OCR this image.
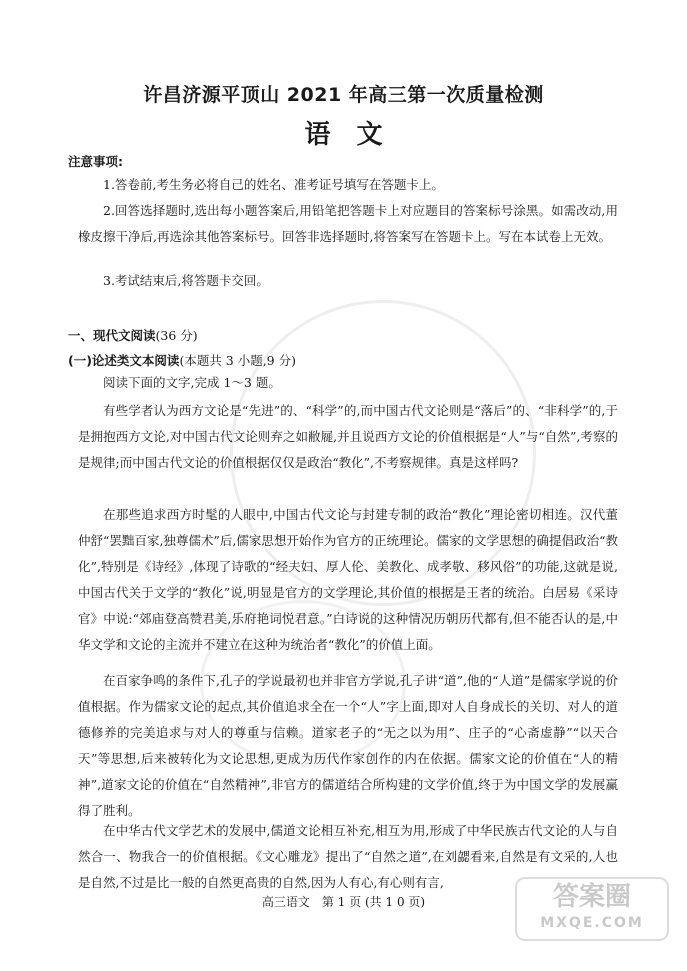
许昌济源平顶山 2021 年高三第一次质量检测
语文
注意事项:
1.答卷前,考生务必将自己的姓名、准考证号填写在答题卡上。
2.回答选择题时,选出每小题答案后,用铅笔把答题卡上对应题目的答案标号涂黑。如需改动,用橡皮擦干净后,再选涂其他答案标号。回答非选择题时,将答案写在答题卡上。写在本试卷上无效。
3.考试结束后,将答题卡交回。
一、现代文阅读(36 分)
(一)论述类文本阅读(本题共 3 小题,9 分)
阅读下面的文字,完成 1～3 题。
有些学者认为西方文论是“先进”的、“科学”的,而中国古代文论则是“落后”的、“非科学”的,于是拥抱西方文论,对中国古代文论则弃之如敝屣,并且说西方文论的价值根据是“人”与“自然”,考察的是规律;而中国古代文论的价值根据仅仅是政治“教化”,不考察规律。真是这样吗?
在那些追求西方时髦的人眼中,中国古代文论与封建专制的政治“教化”理论密切相连。汉代董仲舒“罢黜百家,独尊儒术”后,儒家思想开始作为官方的正统理论。儒家的文学思想的确提倡政治“教化”,特别是《诗经》,体现了诗歌的“经夫妇、厚人伦、美教化、成孝敬、移风俗”的功能,这就是说,中国古代关于文学的“教化”说,明显是官方的文学理论,其价值的根据是王者的统治。白居易《采诗官》中说:“郊庙登高赞君美,乐府艳词悦君意。”白诗说的这种情况历朝历代都有,但不能否认的是,中华文学和文论的主流并不建立在这种为统治者“教化”的价值上面。
在百家争鸣的条件下,孔子的学说最初也并非官方学说,孔子讲“道”,他的“人道”是儒家学说的价值根据。作为儒家文论的起点,其价值追求全在一个“人”字上面,即对人自身成长的关切、对人的道德修养的完美追求与对人的尊重与信赖。道家老子的“无之以为用”、庄子的“心斋虚静”“以天合天”等思想,后来被转化为文论思想,更成为历代作家创作的内在依据。儒家文论的价值在“人的精神”,道家文论的价值在“自然精神”,非官方的儒道结合所构建的文学价值,终于为中国文学的发展赢得了胜利。
在中华古代文学艺术的发展中,儒道文论相互补充,相互为用,形成了中华民族古代文论的人与自然合一、物我合一的价值根据。《文心雕龙》提出了“自然之道”,在刘勰看来,自然是有文采的,人也是自然,不过是比一般的自然更高贵的自然,因为人有心,有心则有言,
高三语文　第 1 页 (共 1 0 页)	答案圈
MXQE.COM
